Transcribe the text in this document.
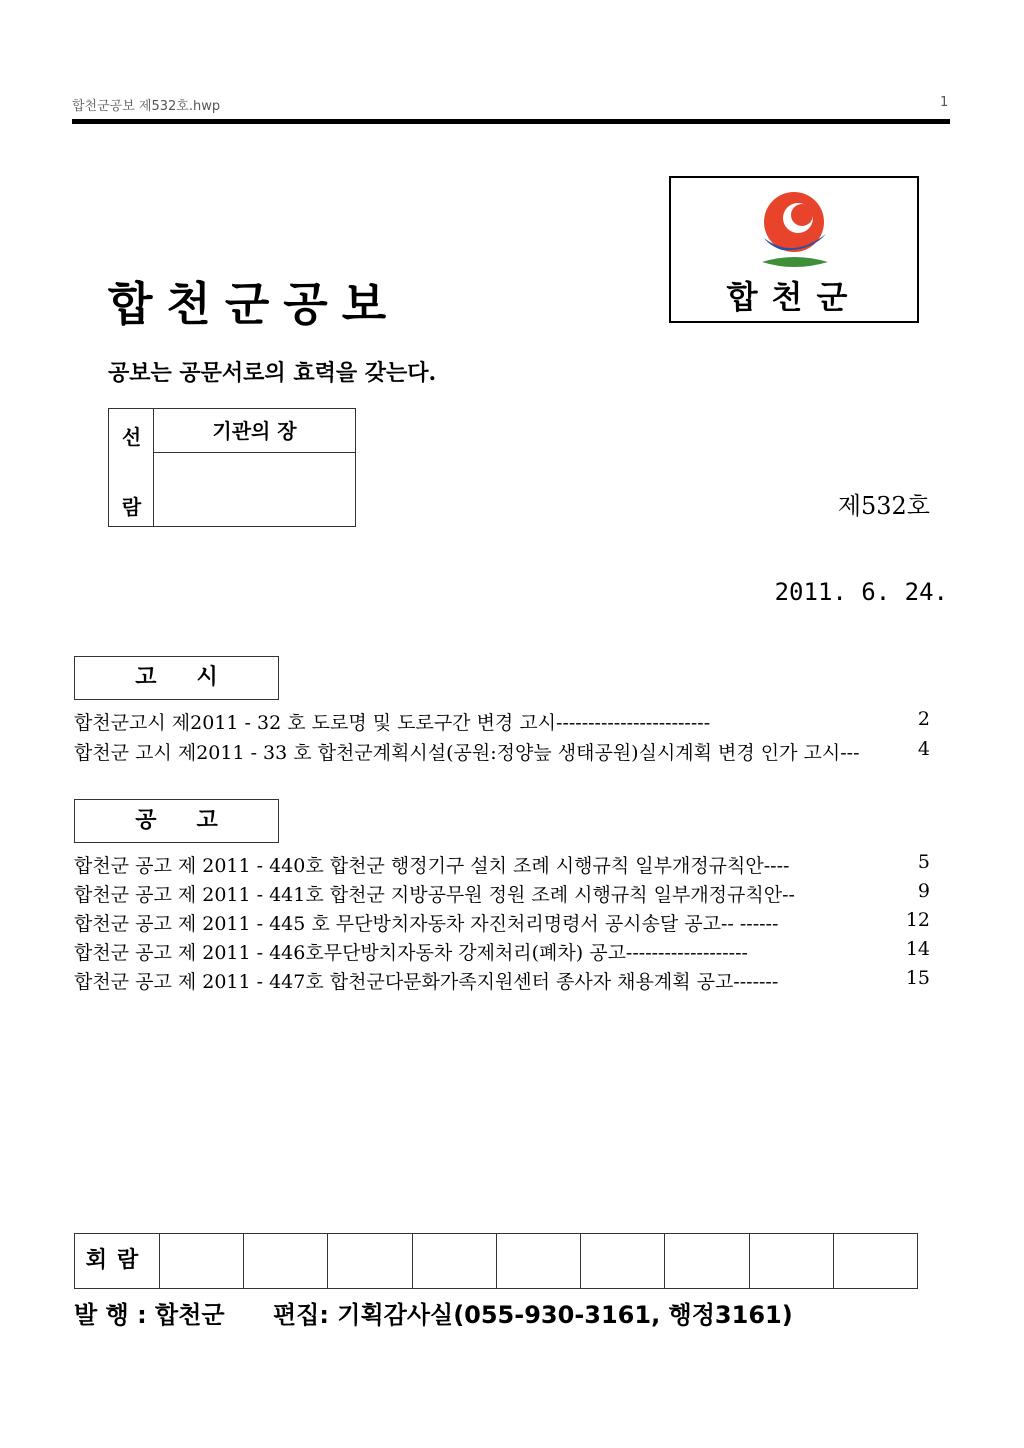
합천군공보 제532호.hwp	1
합천군공보	합천군
공보는 공문서로의 효력을 갖는다.
선
람
기관의 장
제532호
2011. 6. 24.
고시
합천군고시 제2011 - 32 호 도로명 및 도로구간 변경 고시------------------------	2
합천군 고시 제2011 - 33 호 합천군계획시설(공원:정양늪 생태공원)실시계획 변경 인가 고시---	4
공고
합천군 공고 제 2011 - 440호 합천군 행정기구 설치 조례 시행규칙 일부개정규칙안----	5
합천군 공고 제 2011 - 441호 합천군 지방공무원 정원 조례 시행규칙 일부개정규칙안--	9
합천군 공고 제 2011 - 445 호 무단방치자동차 자진처리명령서 공시송달 공고-- ------	12
합천군 공고 제 2011 - 446호무단방치자동차 강제처리(폐차) 공고-------------------	14
합천군 공고 제 2011 - 447호 합천군다문화가족지원센터 종사자 채용계획 공고-------	15
회람
발 행 : 합천군 편집: 기획감사실(055-930-3161, 행정3161)
